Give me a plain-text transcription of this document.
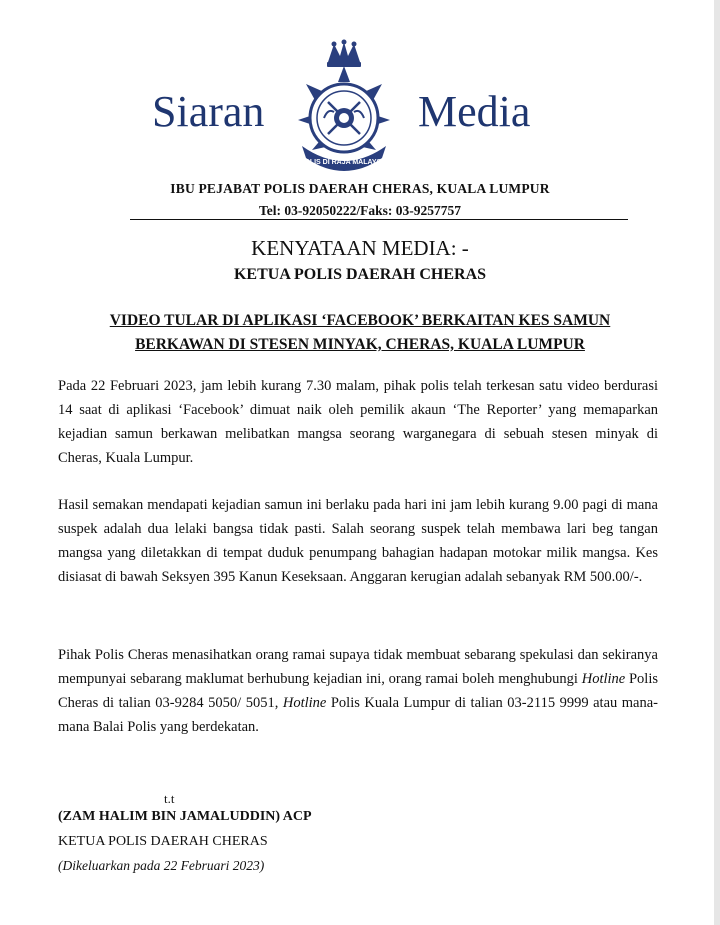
Siaran
POLIS DI RAJA MALAYSIA
Media
IBU PEJABAT POLIS DAERAH CHERAS, KUALA LUMPUR
Tel: 03-92050222/Faks: 03-9257757
KENYATAAN MEDIA: -
KETUA POLIS DAERAH CHERAS
VIDEO TULAR DI APLIKASI ‘FACEBOOK’ BERKAITAN KES SAMUN
BERKAWAN DI STESEN MINYAK, CHERAS, KUALA LUMPUR
Pada 22 Februari 2023, jam lebih kurang 7.30 malam, pihak polis telah terkesan satu video berdurasi 14 saat di aplikasi ‘Facebook’ dimuat naik oleh pemilik akaun ‘The Reporter’ yang memaparkan kejadian samun berkawan melibatkan mangsa seorang warganegara di sebuah stesen minyak di Cheras, Kuala Lumpur.
Hasil semakan mendapati kejadian samun ini berlaku pada hari ini jam lebih kurang 9.00 pagi di mana suspek adalah dua lelaki bangsa tidak pasti. Salah seorang suspek telah membawa lari beg tangan mangsa yang diletakkan di tempat duduk penumpang bahagian hadapan motokar milik mangsa. Kes disiasat di bawah Seksyen 395 Kanun Keseksaan. Anggaran kerugian adalah sebanyak RM 500.00/-.
Pihak Polis Cheras menasihatkan orang ramai supaya tidak membuat sebarang spekulasi dan sekiranya mempunyai sebarang maklumat berhubung kejadian ini, orang ramai boleh menghubungi Hotline Polis Cheras di talian 03-9284 5050/ 5051, Hotline Polis Kuala Lumpur di talian 03-2115 9999 atau mana-mana Balai Polis yang berdekatan.
t.t
(ZAM HALIM BIN JAMALUDDIN) ACP
KETUA POLIS DAERAH CHERAS
(Dikeluarkan pada 22 Februari 2023)
